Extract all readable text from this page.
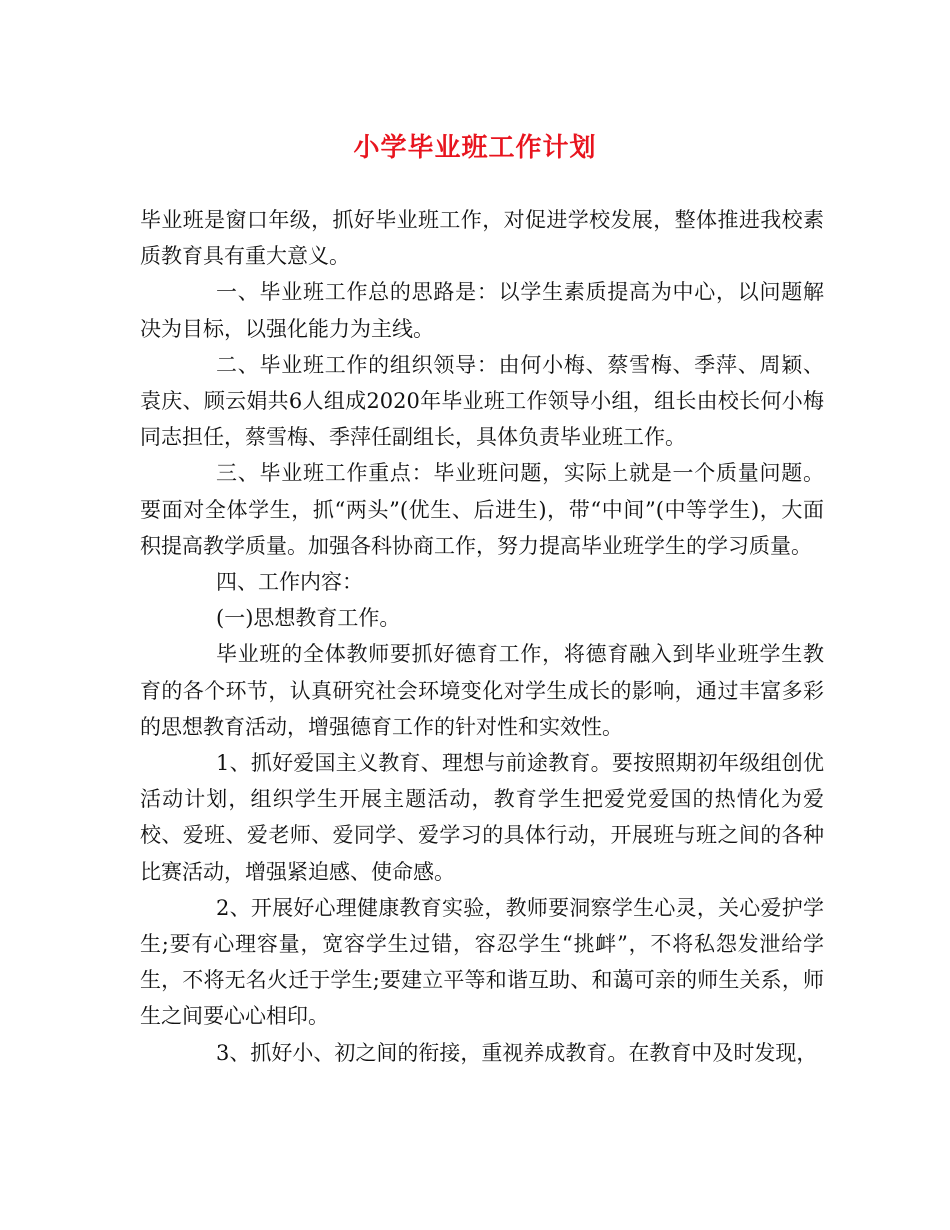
小学毕业班工作计划

毕业班是窗口年级，抓好毕业班工作，对促进学校发展，整体推进我校素质教育具有重大意义。

一、毕业班工作总的思路是：以学生素质提高为中心，以问题解决为目标，以强化能力为主线。

二、毕业班工作的组织领导：由何小梅、蔡雪梅、季萍、周颖、袁庆、顾云娟共6人组成2020年毕业班工作领导小组，组长由校长何小梅同志担任，蔡雪梅、季萍任副组长，具体负责毕业班工作。

三、毕业班工作重点：毕业班问题，实际上就是一个质量问题。要面对全体学生，抓“两头”(优生、后进生)，带“中间”(中等学生)，大面积提高教学质量。加强各科协商工作，努力提高毕业班学生的学习质量。

四、工作内容：

(一)思想教育工作。

毕业班的全体教师要抓好德育工作，将德育融入到毕业班学生教育的各个环节，认真研究社会环境变化对学生成长的影响，通过丰富多彩的思想教育活动，增强德育工作的针对性和实效性。

1、抓好爱国主义教育、理想与前途教育。要按照期初年级组创优活动计划，组织学生开展主题活动，教育学生把爱党爱国的热情化为爱校、爱班、爱老师、爱同学、爱学习的具体行动，开展班与班之间的各种比赛活动，增强紧迫感、使命感。

2、开展好心理健康教育实验，教师要洞察学生心灵，关心爱护学生;要有心理容量，宽容学生过错，容忍学生“挑衅”，不将私怨发泄给学生，不将无名火迁于学生;要建立平等和谐互助、和蔼可亲的师生关系，师生之间要心心相印。

3、抓好小、初之间的衔接，重视养成教育。在教育中及时发现，
